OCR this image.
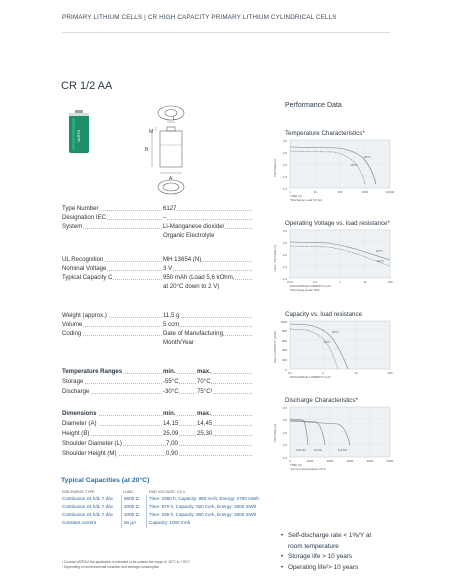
PRIMARY LITHIUM CELLS | CR HIGH CAPACITY PRIMARY LITHIUM CYLINDRICAL CELLS
CR 1/2 AA
VARTA	M
L
A
B
Type Number	6127
Designation IEC	–
System	Li-Manganese dioxide/
Organic Electrolyte
UL Recognition	MH 13654 (N)
Nominal Voltage	3 V
Typical Capacity C	950 mAh (Load 5,6 kOhm,
at 20°C down to 2 V)
Weight (approx.)	11,5 g
Volume	5 ccm
Coding	Date of Manufacturing
Month/Year
Temperature Ranges	min.	max.
Storage	-55°C	70°C
Discharge	-30°C	75°C¹
Dimensions	min.	max.
Diameter (A)	14,15	14,45
Height (B)	25,09	25,30
Shoulder Diameter (L)	7,00
Shoulder Height (M)	0,90
Typical Capacities (at 20°C)
DISCHARGE TYPE	LOAD	END VOLTAGE: 2,0 V
Continuous 24 h/d, 7 d/w 5600 Ω Time: 1860 h, Capacity: 950 mAh, Energy: 2700 mWh
Continuous 24 h/d, 7 d/w 3000 Ω Time: 670 h, Capacity: 920 mAh, Energy: 2600 mWh
Continuous 24 h/d, 7 d/w 1000 Ω Time: 335 h, Capacity: 900 mAh, Energy: 2600 mWh
Constant current	50 µA	Capacity: 1000 mAh
¹ Contact VARTA if the application is intended to be outside the range of -30°C to +75°C
² Depending on environmental condition and average consumption
Performance Data
Temperature Characteristics*
3,0
2,5
2,0
1,5
1,0
1	10	100	1000	10000
TIME (h)
*Discharge Load 5,6 kΩ
20°C
-20°C
VOLTAGE (V)
Operating Voltage vs. load resistance*
3,0
2,5
2,0
1,5
1,0
0,01	0,1	1	10	100
DISCHARGE CURRENT (mA)
*Discharge depth 50%
20°C
-20°C
CELL VOLTAGE (V)
Capacity vs. load resistance
1000
800
600
400
200
0
0,1	1	10	100
DISCHARGE CURRENT (mA)
20°C
-20°C
CELL CAPACITY (mAh)
Discharge Characteristics*
3,5
3,0
2,5
2,0
1,5
0	1000	2000	3000	4000	5000
TIME (h)
*at room temperature 23°C
100 kΩ	10 kΩ	5,6 kΩ
VOLTAGE (V)
• Self-discharge rate < 1%/Y at
room temperature
• Storage life > 10 years
• Operating life²> 10 years
